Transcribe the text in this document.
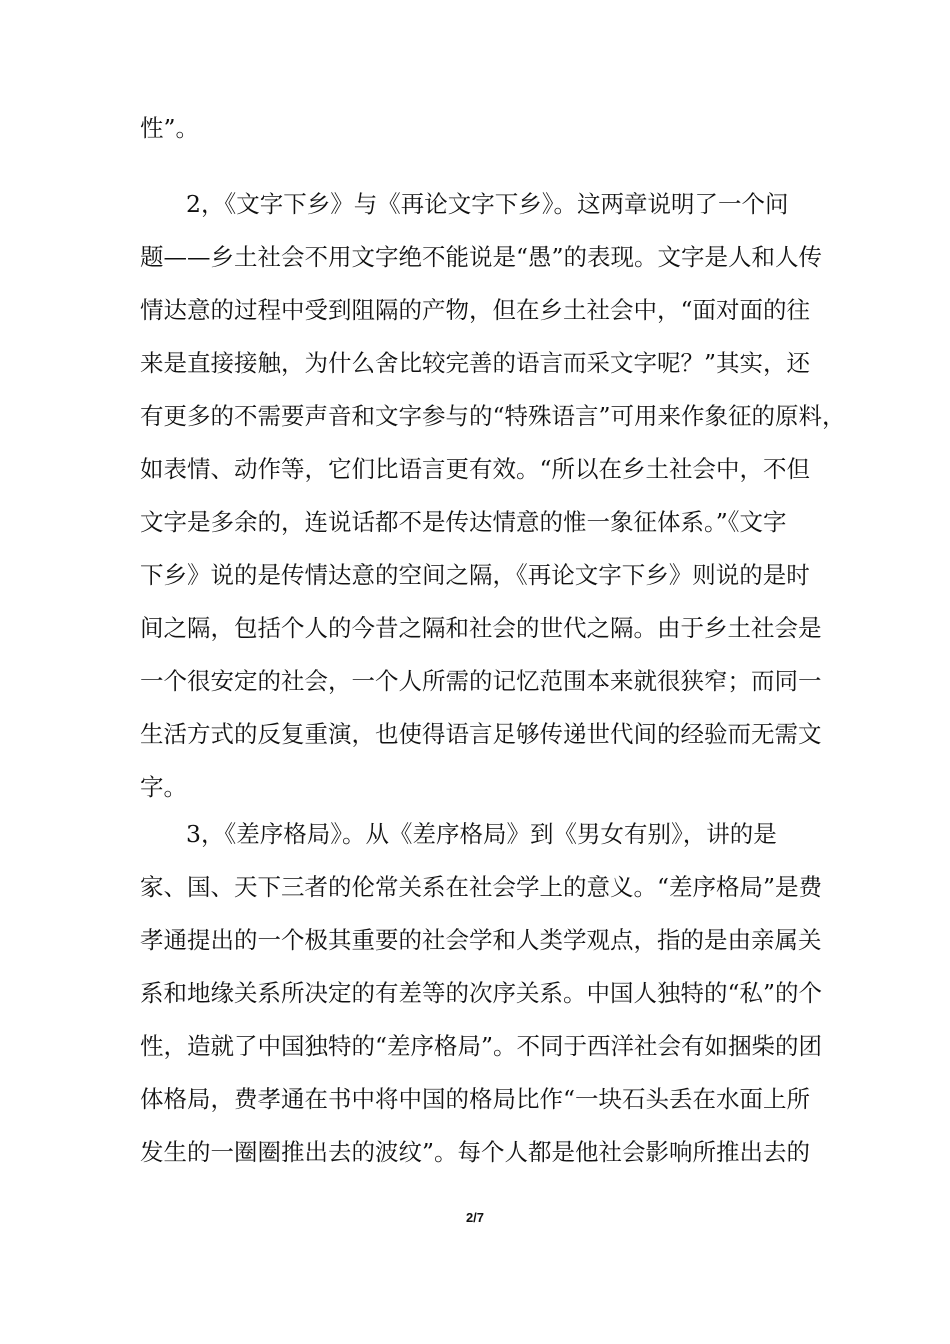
性”。
2，《文字下乡》与《再论文字下乡》。这两章说明了一个问
题——乡土社会不用文字绝不能说是“愚”的表现。文字是人和人传
情达意的过程中受到阻隔的产物，但在乡土社会中，“面对面的往
来是直接接触，为什么舍比较完善的语言而采文字呢？”其实，还
有更多的不需要声音和文字参与的“特殊语言”可用来作象征的原料，
如表情、动作等，它们比语言更有效。“所以在乡土社会中，不但
文字是多余的，连说话都不是传达情意的惟一象征体系。”《文字
下乡》说的是传情达意的空间之隔，《再论文字下乡》则说的是时
间之隔，包括个人的今昔之隔和社会的世代之隔。由于乡土社会是
一个很安定的社会，一个人所需的记忆范围本来就很狭窄；而同一
生活方式的反复重演，也使得语言足够传递世代间的经验而无需文
字。
3，《差序格局》。从《差序格局》到《男女有别》，讲的是
家、国、天下三者的伦常关系在社会学上的意义。“差序格局”是费
孝通提出的一个极其重要的社会学和人类学观点，指的是由亲属关
系和地缘关系所决定的有差等的次序关系。中国人独特的“私”的个
性，造就了中国独特的“差序格局”。不同于西洋社会有如捆柴的团
体格局，费孝通在书中将中国的格局比作“一块石头丢在水面上所
发生的一圈圈推出去的波纹”。每个人都是他社会影响所推出去的
2/7
